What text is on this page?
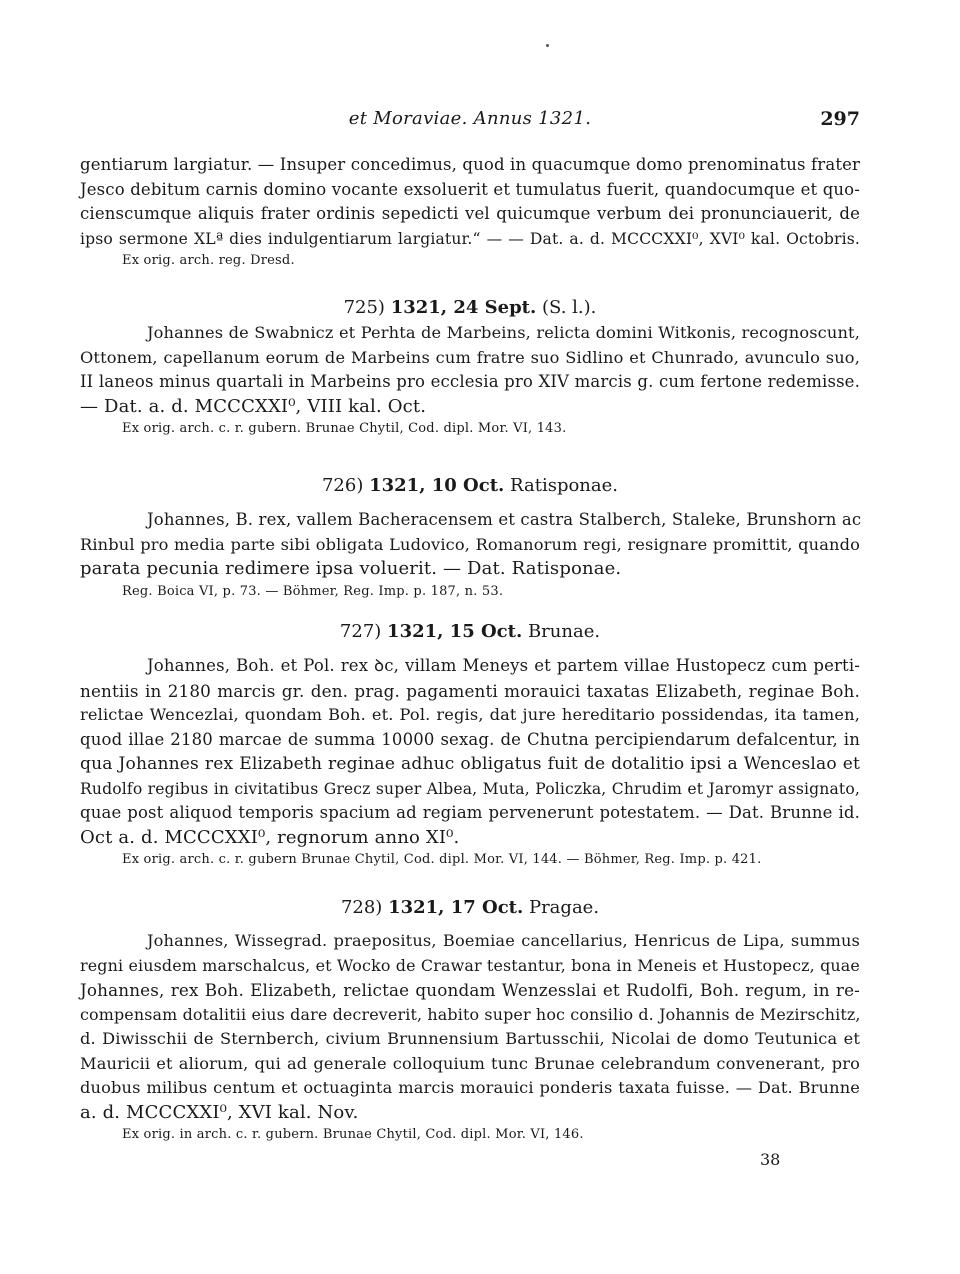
et Moraviae. Annus 1321.	297
gentiarum largiatur. — Insuper concedimus, quod in quacumque domo prenominatus frater
Jesco debitum carnis domino vocante exsoluerit et tumulatus fuerit, quandocumque et quo-
cienscumque aliquis frater ordinis sepedicti vel quicumque verbum dei pronunciauerit, de
ipso sermone XLª dies indulgentiarum largiatur.“ — — Dat. a. d. MCCCXXI⁰, XVI⁰ kal. Octobris.
Ex orig. arch. reg. Dresd.
725) 1321, 24 Sept. (S. l.).
Johannes de Swabnicz et Perhta de Marbeins, relicta domini Witkonis, recognoscunt,
Ottonem, capellanum eorum de Marbeins cum fratre suo Sidlino et Chunrado, avunculo suo,
II laneos minus quartali in Marbeins pro ecclesia pro XIV marcis g. cum fertone redemisse.
— Dat. a. d. MCCCXXI⁰, VIII kal. Oct.
Ex orig. arch. c. r. gubern. Brunae Chytil, Cod. dipl. Mor. VI, 143.
726) 1321, 10 Oct. Ratisponae.
Johannes, B. rex, vallem Bacheracensem et castra Stalberch, Staleke, Brunshorn ac
Rinbul pro media parte sibi obligata Ludovico, Romanorum regi, resignare promittit, quando
parata pecunia redimere ipsa voluerit. — Dat. Ratisponae.
Reg. Boica VI, p. 73. — Böhmer, Reg. Imp. p. 187, n. 53.
727) 1321, 15 Oct. Brunae.
Johannes, Boh. et Pol. rex ꝺc, villam Meneys et partem villae Hustopecz cum perti-
nentiis in 2180 marcis gr. den. prag. pagamenti morauici taxatas Elizabeth, reginae Boh.
relictae Wencezlai, quondam Boh. et. Pol. regis, dat jure hereditario possidendas, ita tamen,
quod illae 2180 marcae de summa 10000 sexag. de Chutna percipiendarum defalcentur, in
qua Johannes rex Elizabeth reginae adhuc obligatus fuit de dotalitio ipsi a Wenceslao et
Rudolfo regibus in civitatibus Grecz super Albea, Muta, Policzka, Chrudim et Jaromyr assignato,
quae post aliquod temporis spacium ad regiam pervenerunt potestatem. — Dat. Brunne id.
Oct a. d. MCCCXXI⁰, regnorum anno XI⁰.
Ex orig. arch. c. r. gubern Brunae Chytil, Cod. dipl. Mor. VI, 144. — Böhmer, Reg. Imp. p. 421.
728) 1321, 17 Oct. Pragae.
Johannes, Wissegrad. praepositus, Boemiae cancellarius, Henricus de Lipa, summus
regni eiusdem marschalcus, et Wocko de Crawar testantur, bona in Meneis et Hustopecz, quae
Johannes, rex Boh. Elizabeth, relictae quondam Wenzesslai et Rudolfi, Boh. regum, in re-
compensam dotalitii eius dare decreverit, habito super hoc consilio d. Johannis de Mezirschitz,
d. Diwisschii de Sternberch, civium Brunnensium Bartusschii, Nicolai de domo Teutunica et
Mauricii et aliorum, qui ad generale colloquium tunc Brunae celebrandum convenerant, pro
duobus milibus centum et octuaginta marcis morauici ponderis taxata fuisse. — Dat. Brunne
a. d. MCCCXXI⁰, XVI kal. Nov.
Ex orig. in arch. c. r. gubern. Brunae Chytil, Cod. dipl. Mor. VI, 146.
38
